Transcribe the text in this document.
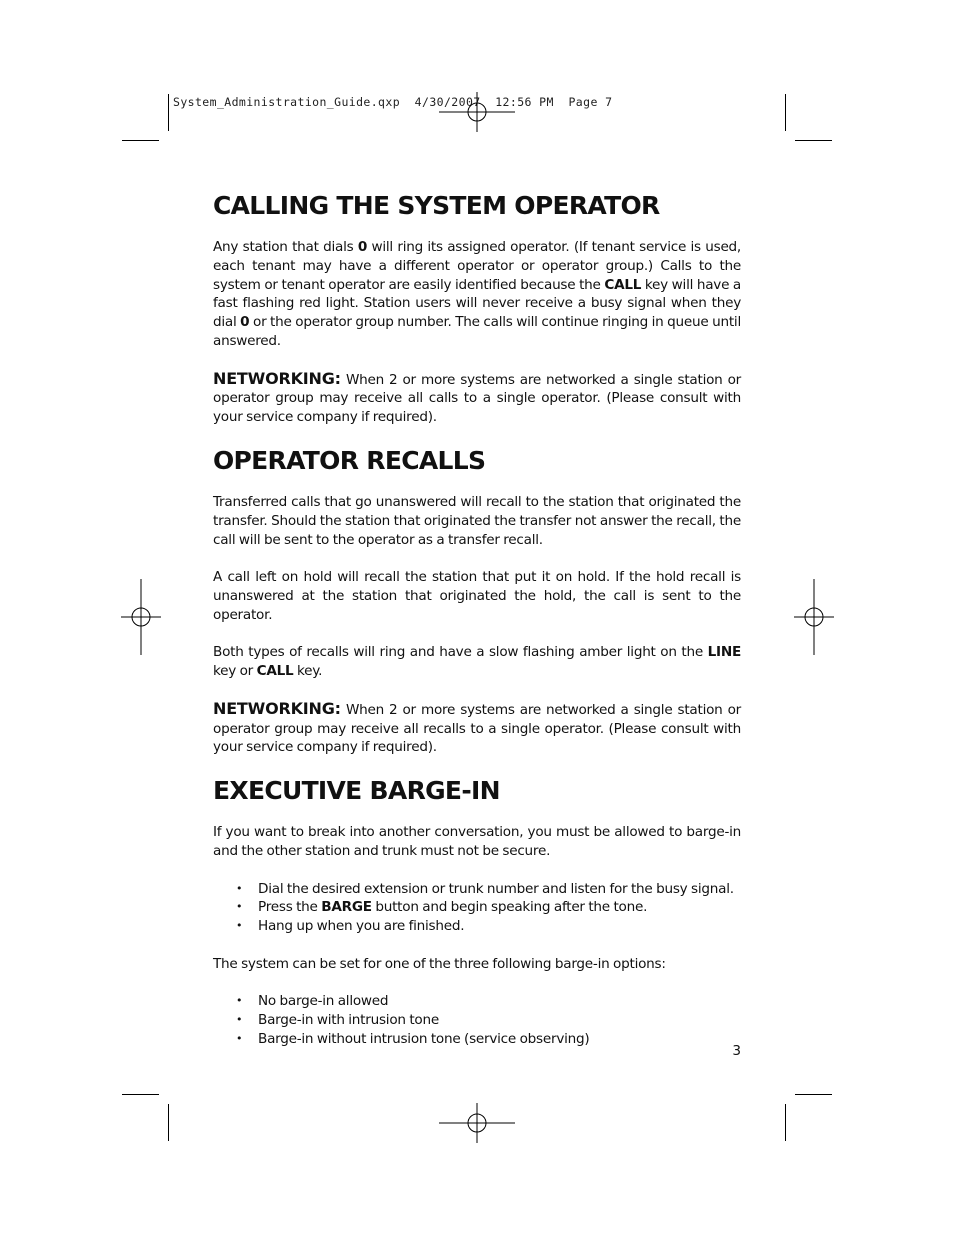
System_Administration_Guide.qxp  4/30/2007  12:56 PM  Page 7
CALLING THE SYSTEM OPERATOR

Any station that dials 0 will ring its assigned operator. (If tenant service is used, each tenant may have a different operator or operator group.) Calls to the system or tenant operator are easily identified because the CALL key will have a fast flashing red light. Station users will never receive a busy signal when they dial 0 or the operator group number. The calls will continue ringing in queue until answered.

NETWORKING: When 2 or more systems are networked a single station or operator group may receive all calls to a single operator. (Please consult with your service company if required).

OPERATOR RECALLS

Transferred calls that go unanswered will recall to the station that originated the transfer. Should the station that originated the transfer not answer the recall, the call will be sent to the operator as a transfer recall.

A call left on hold will recall the station that put it on hold. If the hold recall is unanswered at the station that originated the hold, the call is sent to the operator.

Both types of recalls will ring and have a slow flashing amber light on the LINE key or CALL key.

NETWORKING: When 2 or more systems are networked a single station or operator group may receive all recalls to a single operator. (Please consult with your service company if required).

EXECUTIVE BARGE-IN

If you want to break into another conversation, you must be allowed to barge-in and the other station and trunk must not be secure.

• Dial the desired extension or trunk number and listen for the busy signal.
• Press the BARGE button and begin speaking after the tone.
• Hang up when you are finished.

The system can be set for one of the three following barge-in options:

• No barge-in allowed
• Barge-in with intrusion tone
• Barge-in without intrusion tone (service observing)
3
